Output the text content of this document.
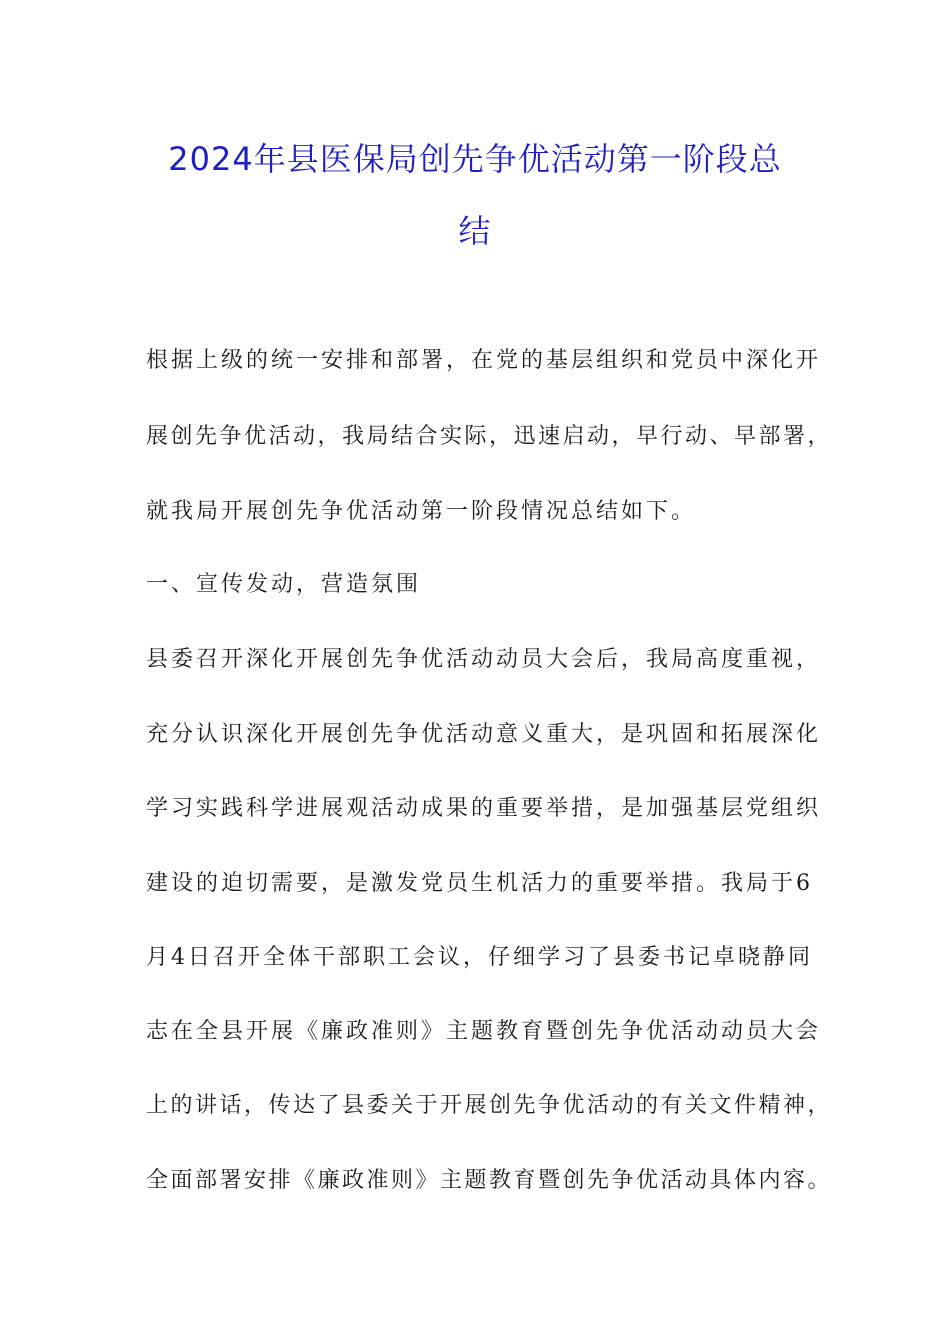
2024年县医保局创先争优活动第一阶段总
结
根据上级的统一安排和部署，在党的基层组织和党员中深化开
展创先争优活动，我局结合实际，迅速启动，早行动、早部署，
就我局开展创先争优活动第一阶段情况总结如下。
一、宣传发动，营造氛围
县委召开深化开展创先争优活动动员大会后，我局高度重视，
充分认识深化开展创先争优活动意义重大，是巩固和拓展深化
学习实践科学进展观活动成果的重要举措，是加强基层党组织
建设的迫切需要，是激发党员生机活力的重要举措。我局于6
月4日召开全体干部职工会议，仔细学习了县委书记卓晓静同
志在全县开展《廉政准则》主题教育暨创先争优活动动员大会
上的讲话，传达了县委关于开展创先争优活动的有关文件精神，
全面部署安排《廉政准则》主题教育暨创先争优活动具体内容。
